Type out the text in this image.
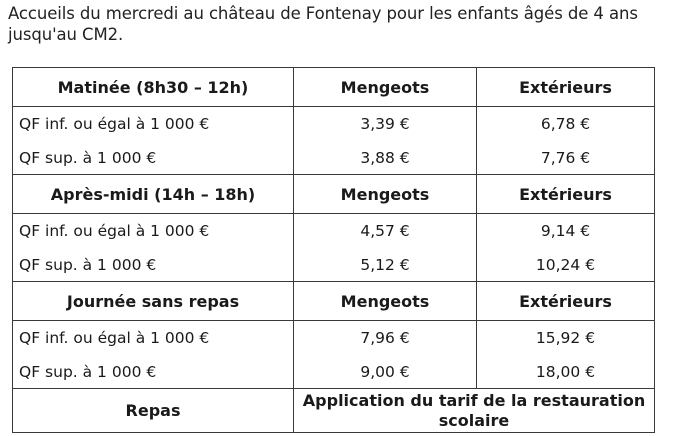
Accueils du mercredi au château de Fontenay pour les enfants âgés de 4 ans jusqu'au CM2.
Matinée (8h30 – 12h)	Mengeots	Extérieurs
QF inf. ou égal à 1 000 €	3,39 €	6,78 €
QF sup. à 1 000 €	3,88 €	7,76 €
Après-midi (14h – 18h)	Mengeots	Extérieurs
QF inf. ou égal à 1 000 €	4,57 €	9,14 €
QF sup. à 1 000 €	5,12 €	10,24 €
Journée sans repas	Mengeots	Extérieurs
QF inf. ou égal à 1 000 €	7,96 €	15,92 €
QF sup. à 1 000 €	9,00 €	18,00 €
Repas	Application du tarif de la restauration scolaire	
